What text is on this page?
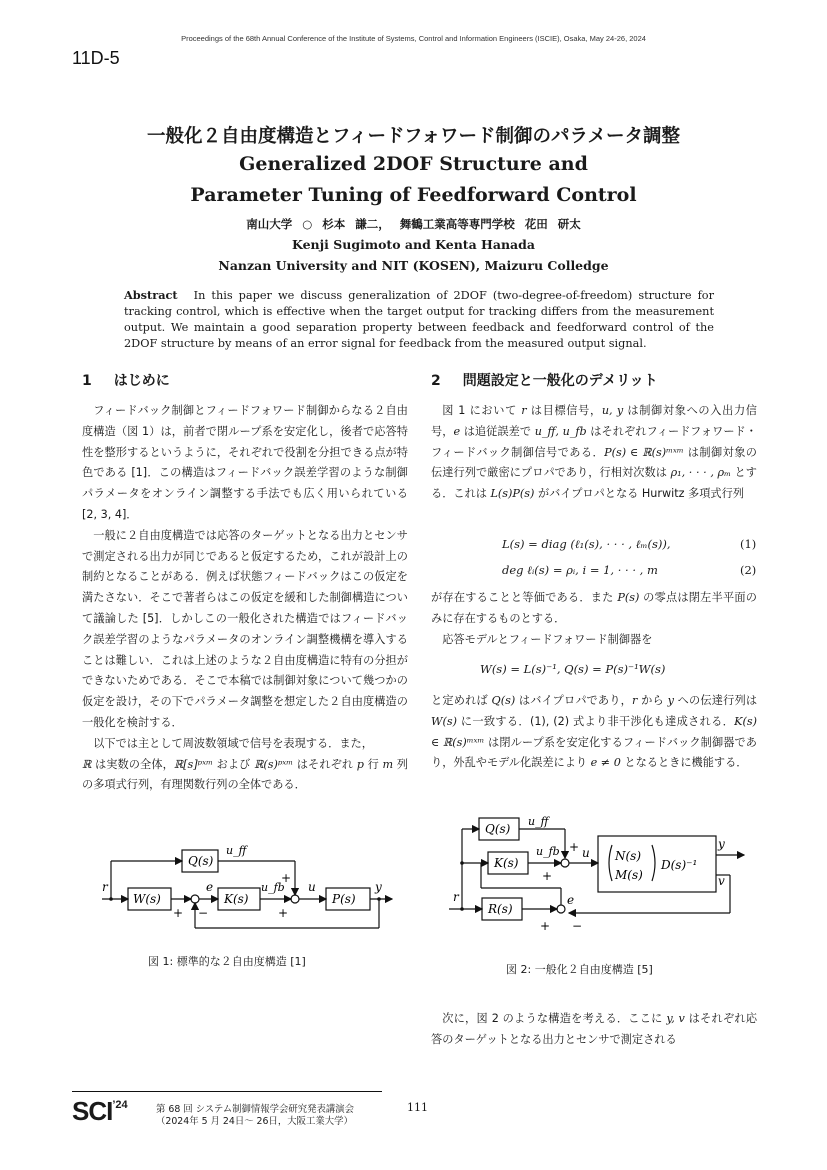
Proceedings of the 68th Annual Conference of the Institute of Systems, Control and Information Engineers (ISCIE), Osaka, May 24-26, 2024
11D-5
一般化２自由度構造とフィードフォワード制御のパラメータ調整
Generalized 2DOF Structure and
Parameter Tuning of Feedforward Control
南山大学 ○ 杉本 謙二， 舞鶴工業高等専門学校 花田 研太
Kenji Sugimoto and Kenta Hanada
Nanzan University and NIT (KOSEN), Maizuru Colledge
Abstract In this paper we discuss generalization of 2DOF (two-degree-of-freedom) structure for tracking control, which is effective when the target output for tracking differs from the measurement output. We maintain a good separation property between feedback and feedforward control of the 2DOF structure by means of an error signal for feedback from the measured output signal.
1 はじめに

フィードバック制御とフィードフォワード制御からなる２自由度構造（図 1）は，前者で閉ループ系を安定化し，後者で応答特性を整形するというように，それぞれで役割を分担できる点が特色である [1]．この構造はフィードバック誤差学習のような制御パラメータをオンライン調整する手法でも広く用いられている [2, 3, 4]．

一般に２自由度構造では応答のターゲットとなる出力とセンサで測定される出力が同じであると仮定するため，これが設計上の制約となることがある．例えば状態フィードバックはこの仮定を満たさない．そこで著者らはこの仮定を緩和した制御構造について議論した [5]．しかしこの一般化された構造ではフィードバック誤差学習のようなパラメータのオンライン調整機構を導入することは難しい．これは上述のような２自由度構造に特有の分担ができないためである．そこで本稿では制御対象について幾つかの仮定を設け，その下でパラメータ調整を想定した２自由度構造の一般化を検討する．

以下では主として周波数領域で信号を表現する．また，
ℝ は実数の全体，ℝ[s]ᵖˣᵐ および ℝ(s)ᵖˣᵐ はそれぞれ p 行 m 列の多項式行列，有理関数行列の全体である．

Q(s)
W(s)	K(s)	P(s)
u_ff
u_fb u	y
r	e
+ −
+
+
図 1: 標準的な２自由度構造 [1]
2 問題設定と一般化のデメリット

図 1 において r は目標信号，u, y は制御対象への入出力信号，e は追従誤差で u_ff, u_fb はそれぞれフィードフォワード・フィードバック制御信号である．P(s) ∈ ℝ(s)ᵐˣᵐ は制御対象の伝達行列で厳密にプロパであり，行相対次数は ρ₁, · · · , ρₘ とする．これは L(s)P(s) がバイプロパとなる Hurwitz 多項式行列

L(s) = diag (ℓ₁(s), · · · , ℓₘ(s)),	(1)
deg ℓᵢ(s) = ρᵢ, i = 1, · · · , m	(2)

が存在することと等価である．また P(s) の零点は閉左半平面のみに存在するものとする．

応答モデルとフィードフォワード制御器を

W(s) = L(s)⁻¹, Q(s) = P(s)⁻¹W(s)

と定めれば Q(s) はバイプロパであり，r から y への伝達行列は W(s) に一致する．(1), (2) 式より非干渉化も達成される．K(s) ∈ ℝ(s)ᵐˣᵐ は閉ループ系を安定化するフィードバック制御器であり，外乱やモデル化誤差により e ≠ 0 となるときに機能する．

Q(s)
K(s)
R(s)
N(s)
M(s)
D(s)⁻¹
u_ff
u_fb u
y
v
r	e
+
+
+ −
図 2: 一般化２自由度構造 [5]

次に，図 2 のような構造を考える．ここに y, v はそれぞれ応答のターゲットとなる出力とセンサで測定される

$SCI^{’24}$	第 68 回 システム制御情報学会研究発表講演会
（2024年 5 月 24日～ 26日，大阪工業大学）
111
